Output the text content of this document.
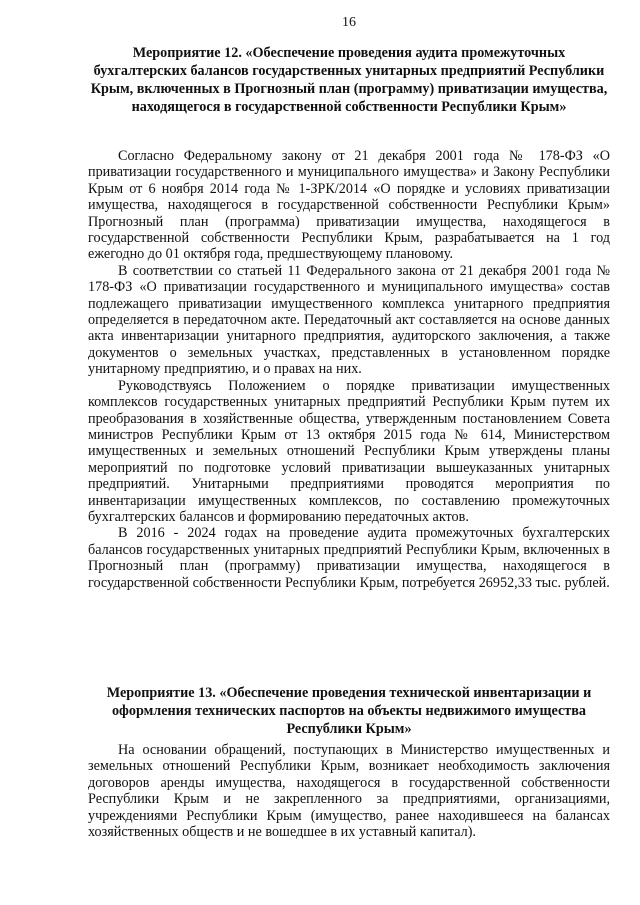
16
Мероприятие 12. «Обеспечение проведения аудита промежуточных бухгалтерских балансов государственных унитарных предприятий Республики Крым, включенных в Прогнозный план (программу) приватизации имущества, находящегося в государственной собственности Республики Крым»

Согласно Федеральному закону от 21 декабря 2001 года № 178-ФЗ «О приватизации государственного и муниципального имущества» и Закону Республики Крым от 6 ноября 2014 года № 1-ЗРК/2014 «О порядке и условиях приватизации имущества, находящегося в государственной собственности Республики Крым» Прогнозный план (программа) приватизации имущества, находящегося в государственной собственности Республики Крым, разрабатывается на 1 год ежегодно до 01 октября года, предшествующему плановому.

В соответствии со статьей 11 Федерального закона от 21 декабря 2001 года № 178-ФЗ «О приватизации государственного и муниципального имущества» состав подлежащего приватизации имущественного комплекса унитарного предприятия определяется в передаточном акте. Передаточный акт составляется на основе данных акта инвентаризации унитарного предприятия, аудиторского заключения, а также документов о земельных участках, представленных в установленном порядке унитарному предприятию, и о правах на них.

Руководствуясь Положением о порядке приватизации имущественных комплексов государственных унитарных предприятий Республики Крым путем их преобразования в хозяйственные общества, утвержденным постановлением Совета министров Республики Крым от 13 октября 2015 года № 614, Министерством имущественных и земельных отношений Республики Крым утверждены планы мероприятий по подготовке условий приватизации вышеуказанных унитарных предприятий. Унитарными предприятиями проводятся мероприятия по инвентаризации имущественных комплексов, по составлению промежуточных бухгалтерских балансов и формированию передаточных актов.

В 2016 - 2024 годах на проведение аудита промежуточных бухгалтерских балансов государственных унитарных предприятий Республики Крым, включенных в Прогнозный план (программу) приватизации имущества, находящегося в государственной собственности Республики Крым, потребуется 26952,33 тыс. рублей.

Мероприятие 13. «Обеспечение проведения технической инвентаризации и оформления технических паспортов на объекты недвижимого имущества Республики Крым»

На основании обращений, поступающих в Министерство имущественных и земельных отношений Республики Крым, возникает необходимость заключения договоров аренды имущества, находящегося в государственной собственности Республики Крым и не закрепленного за предприятиями, организациями, учреждениями Республики Крым (имущество, ранее находившееся на балансах хозяйственных обществ и не вошедшее в их уставный капитал).
